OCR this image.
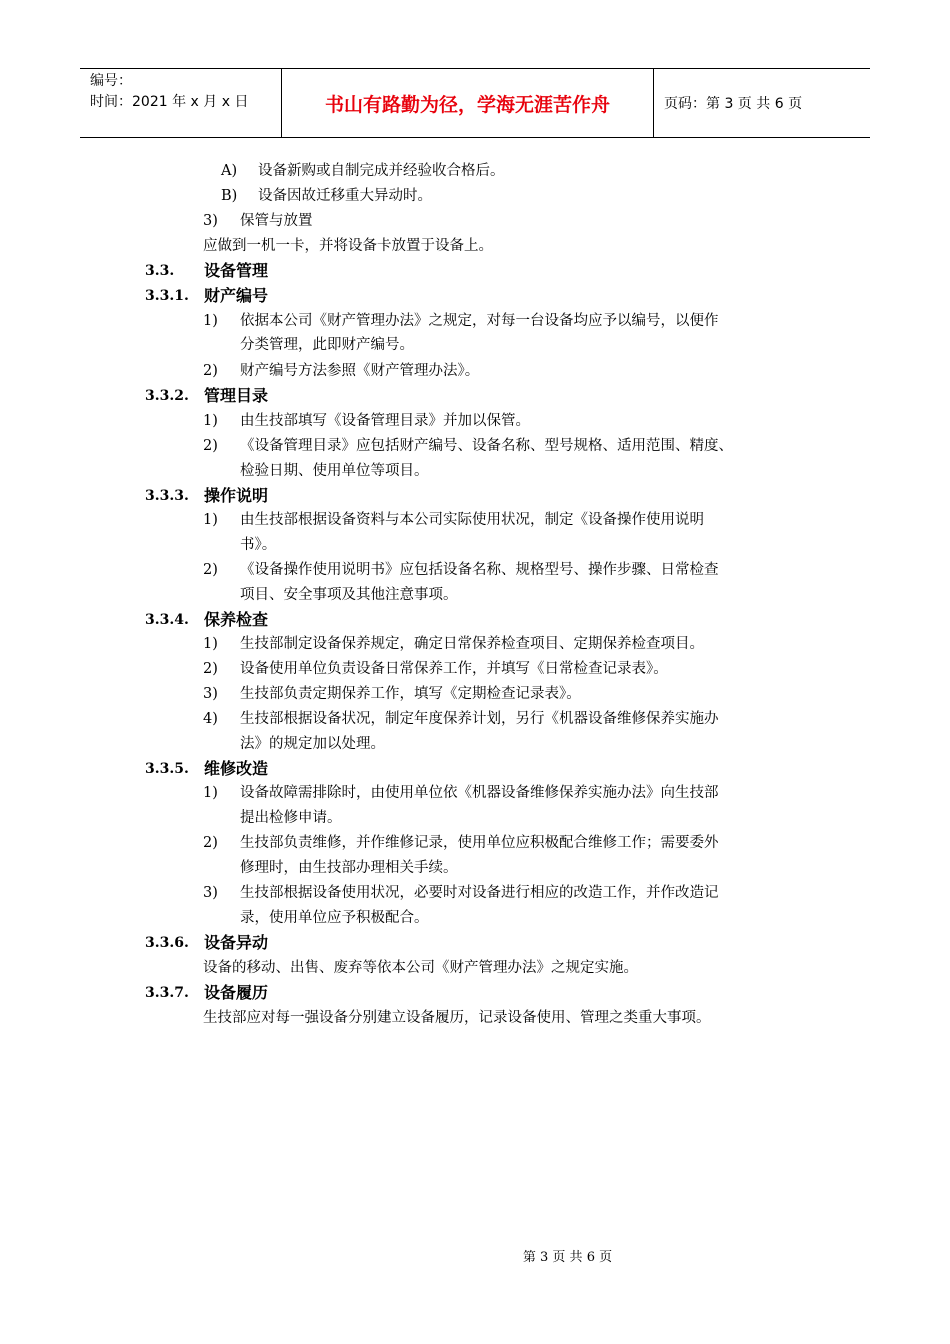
编号：
时间：2021 年 x 月 x 日	书山有路勤为径，学海无涯苦作舟	页码：第 3 页 共 6 页
A) 设备新购或自制完成并经验收合格后。
B) 设备因故迁移重大异动时。
3) 保管与放置
应做到一机一卡，并将设备卡放置于设备上。
3.3. 设备管理
3.3.1. 财产编号
1) 依据本公司《财产管理办法》之规定，对每一台设备均应予以编号，以便作
分类管理，此即财产编号。
2) 财产编号方法参照《财产管理办法》。
3.3.2. 管理目录
1) 由生技部填写《设备管理目录》并加以保管。
2) 《设备管理目录》应包括财产编号、设备名称、型号规格、适用范围、精度、
检验日期、使用单位等项目。
3.3.3. 操作说明
1) 由生技部根据设备资料与本公司实际使用状况，制定《设备操作使用说明
书》。
2) 《设备操作使用说明书》应包括设备名称、规格型号、操作步骤、日常检查
项目、安全事项及其他注意事项。
3.3.4. 保养检查
1) 生技部制定设备保养规定，确定日常保养检查项目、定期保养检查项目。
2) 设备使用单位负责设备日常保养工作，并填写《日常检查记录表》。
3) 生技部负责定期保养工作，填写《定期检查记录表》。
4) 生技部根据设备状况，制定年度保养计划，另行《机器设备维修保养实施办
法》的规定加以处理。
3.3.5. 维修改造
1) 设备故障需排除时，由使用单位依《机器设备维修保养实施办法》向生技部
提出检修申请。
2) 生技部负责维修，并作维修记录，使用单位应积极配合维修工作；需要委外
修理时，由生技部办理相关手续。
3) 生技部根据设备使用状况，必要时对设备进行相应的改造工作，并作改造记
录，使用单位应予积极配合。
3.3.6. 设备异动
设备的移动、出售、废弃等依本公司《财产管理办法》之规定实施。
3.3.7. 设备履历
生技部应对每一强设备分别建立设备履历，记录设备使用、管理之类重大事项。
第 3 页 共 6 页
